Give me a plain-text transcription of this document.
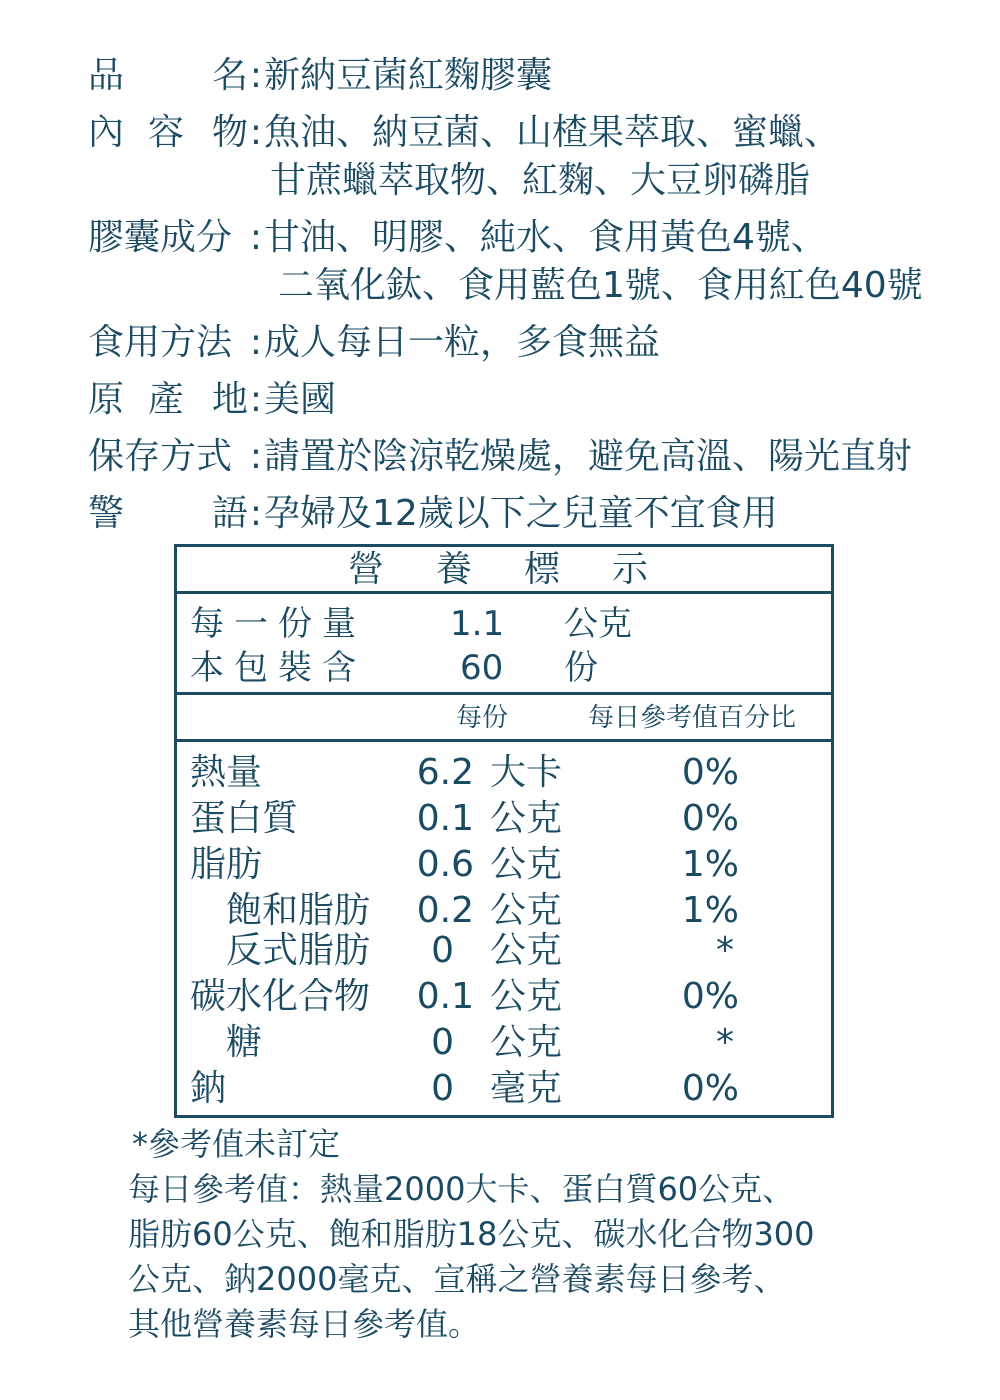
品 名 : 新納豆菌紅麴膠囊
內 容 物 : 魚油、納豆菌、山楂果萃取、蜜蠟、
甘蔗蠟萃取物、紅麴、大豆卵磷脂
膠囊成分 : 甘油、明膠、純水、食用黃色4號、
二氧化鈦、食用藍色1號、食用紅色40號
食用方法 : 成人每日一粒，多食無益
原 產 地 : 美國
保存方式 : 請置於陰涼乾燥處，避免高溫、陽光直射
警 語 : 孕婦及12歲以下之兒童不宜食用
營 養 標 示
每一份量 1.1 公克
本包裝含	60 份
每份	每日參考值百分比
熱量	6.2 大卡	0%
蛋白質	0.1 公克	0%
脂肪	0.6 公克	1%
飽和脂肪	0.2 公克	1%
反式脂肪	0 公克	*
碳水化合物	0.1 公克	0%
糖	0 公克	*
鈉	0 毫克	0%
*參考值未訂定
每日參考值：熱量2000大卡、蛋白質60公克、
脂肪60公克、飽和脂肪18公克、碳水化合物300
公克、鈉2000毫克、宣稱之營養素每日參考、
其他營養素每日參考值。
